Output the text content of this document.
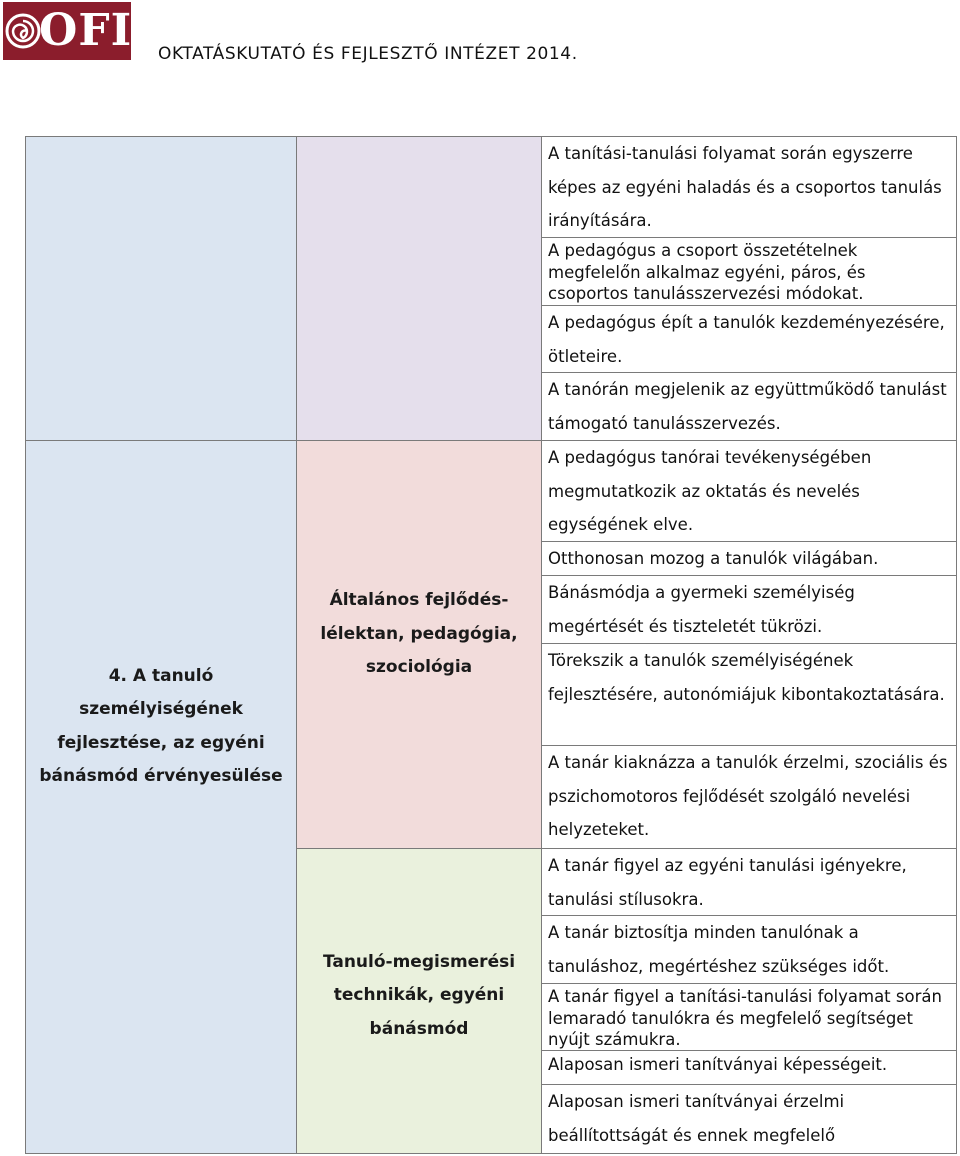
OFI OKTATÁSKUTATÓ ÉS FEJLESZTŐ INTÉZET 2014.
4. A tanuló személyiségének fejlesztése, az egyéni bánásmód érvényesülése
Általános fejlődés-lélektan, pedagógia, szociológia
Tanuló-megismerési technikák, egyéni bánásmód
A tanítási-tanulási folyamat során egyszerre képes az egyéni haladás és a csoportos tanulás irányítására.
A pedagógus a csoport összetételnek megfelelőn alkalmaz egyéni, páros, és csoportos tanulásszervezési módokat.
A pedagógus épít a tanulók kezdeményezésére, ötleteire.
A tanórán megjelenik az együttműködő tanulást támogató tanulásszervezés.
A pedagógus tanórai tevékenységében megmutatkozik az oktatás és nevelés egységének elve.
Otthonosan mozog a tanulók világában.
Bánásmódja a gyermeki személyiség megértését és tiszteletét tükrözi.
Törekszik a tanulók személyiségének fejlesztésére, autonómiájuk kibontakoztatására.
A tanár kiaknázza a tanulók érzelmi, szociális és pszichomotoros fejlődését szolgáló nevelési helyzeteket.
A tanár figyel az egyéni tanulási igényekre, tanulási stílusokra.
A tanár biztosítja minden tanulónak a tanuláshoz, megértéshez szükséges időt.
A tanár figyel a tanítási-tanulási folyamat során lemaradó tanulókra és megfelelő segítséget nyújt számukra.
Alaposan ismeri tanítványai képességeit.
Alaposan ismeri tanítványai érzelmi beállítottságát és ennek megfelelő
